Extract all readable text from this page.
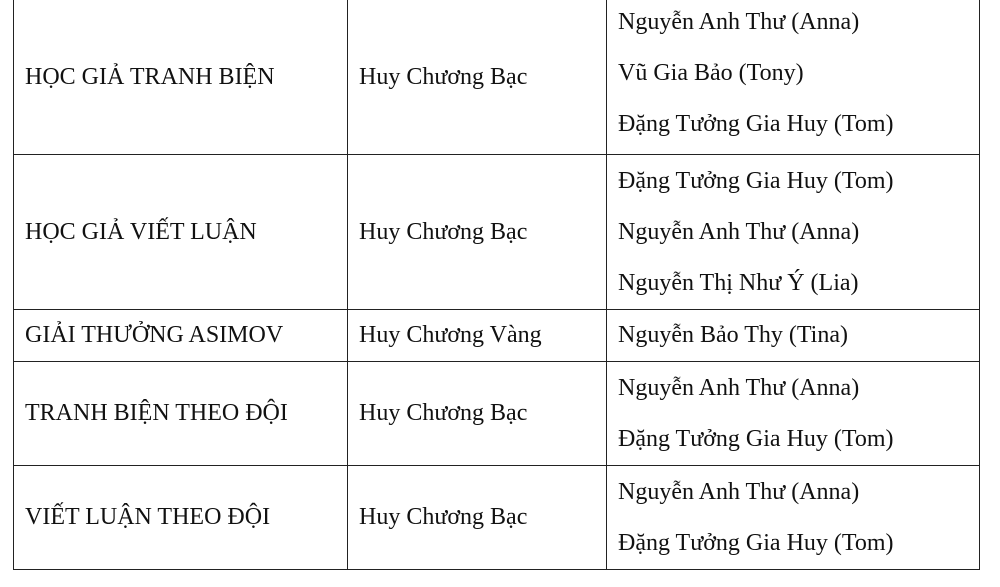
HỌC GIẢ TRANH BIỆN	Huy Chương Bạc	Nguyễn Anh Thư (Anna)
Vũ Gia Bảo (Tony)
Đặng Tưởng Gia Huy (Tom)

HỌC GIẢ VIẾT LUẬN	Huy Chương Bạc	Đặng Tưởng Gia Huy (Tom)
Nguyễn Anh Thư (Anna)
Nguyễn Thị Như Ý (Lia)

GIẢI THƯỞNG ASIMOV	Huy Chương Vàng	Nguyễn Bảo Thy (Tina)

TRANH BIỆN THEO ĐỘI	Huy Chương Bạc	Nguyễn Anh Thư (Anna)
Đặng Tưởng Gia Huy (Tom)

VIẾT LUẬN THEO ĐỘI	Huy Chương Bạc	Nguyễn Anh Thư (Anna)
Đặng Tưởng Gia Huy (Tom)
